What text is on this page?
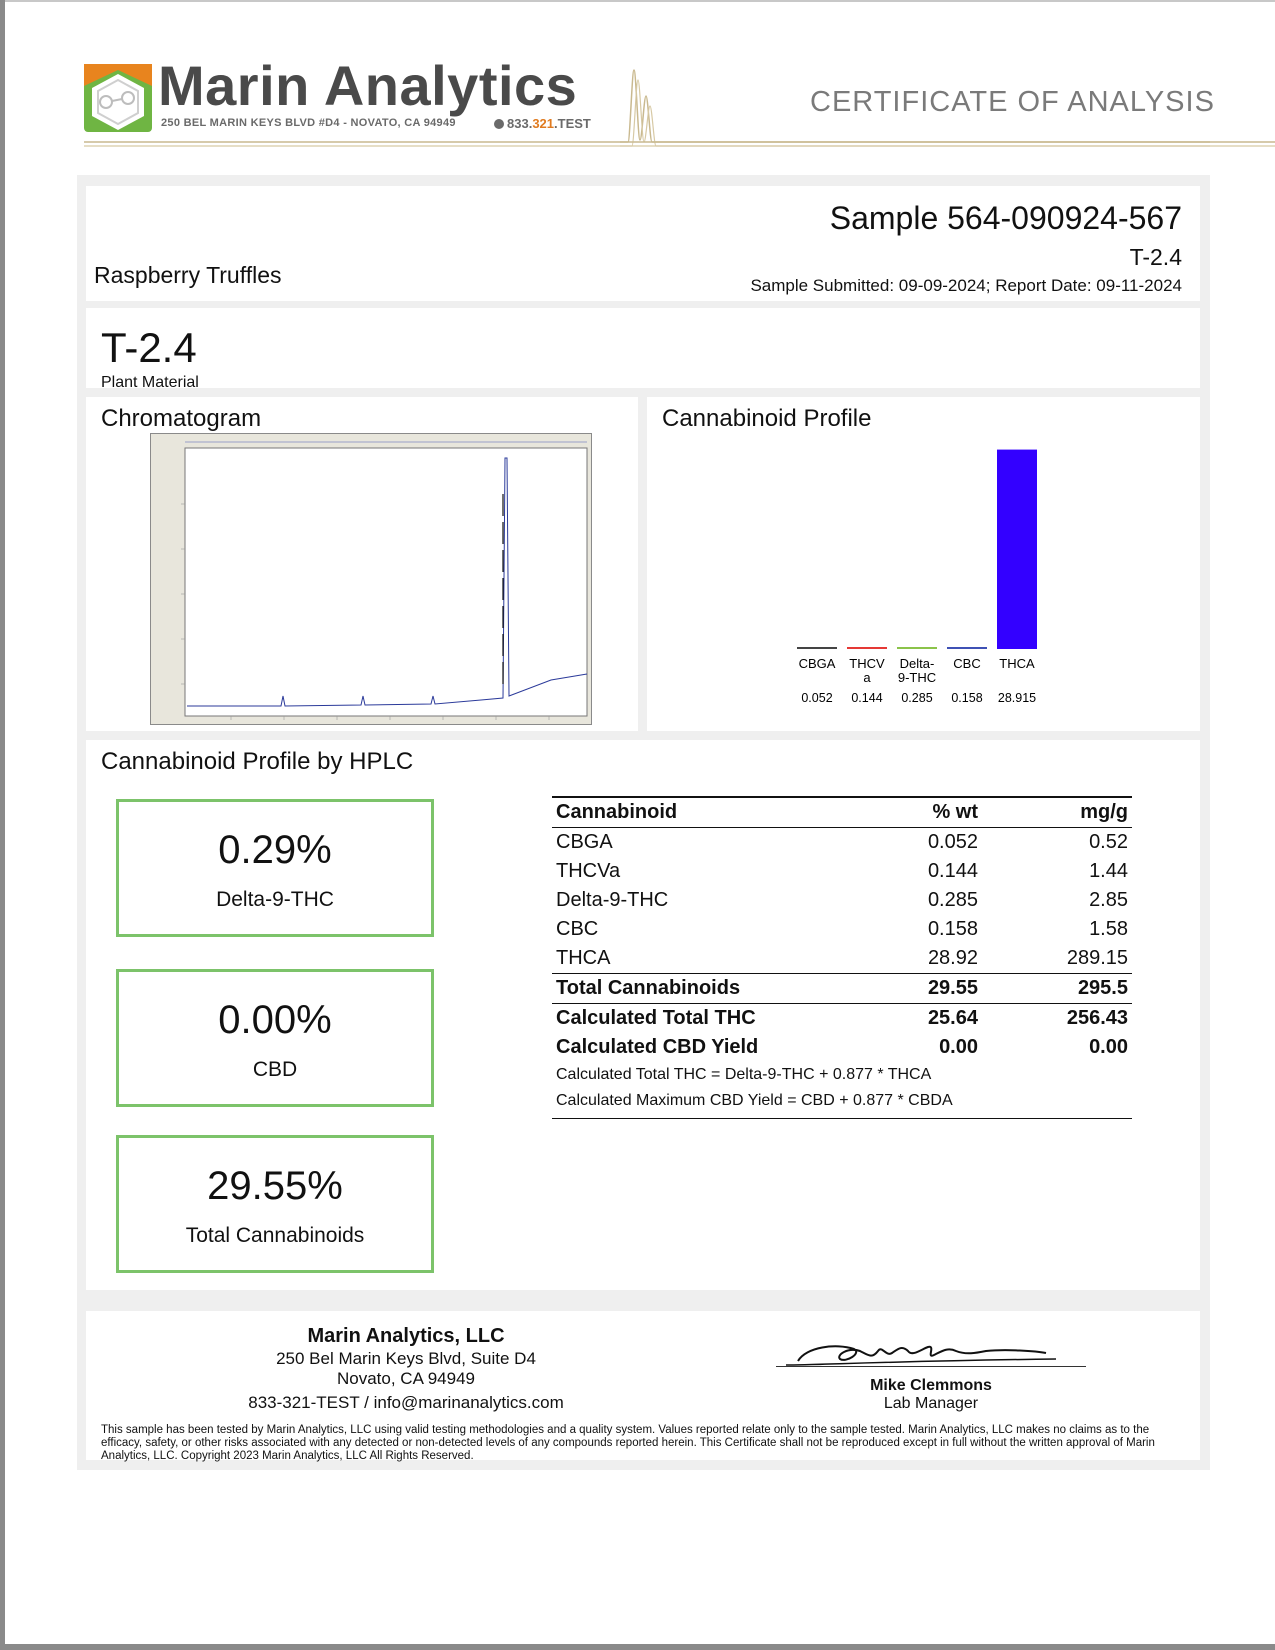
Marin Analytics
250 BEL MARIN KEYS BLVD #D4 - NOVATO, CA 94949	833.321.TEST
CERTIFICATE OF ANALYSIS
Sample 564-090924-567
T-2.4
Sample Submitted: 09-09-2024; Report Date: 09-11-2024
Raspberry Truffles
T-2.4
Plant Material
Chromatogram	Cannabinoid Profile
CBGA
0.052
THCV
a
0.144
Delta-
9-THC
0.285
CBC
0.158
THCA
28.915
Cannabinoid Profile by HPLC
0.29%
Delta-9-THC
0.00%
CBD
29.55%
Total Cannabinoids
Cannabinoid	% wt	mg/g
CBGA	0.052	0.52
THCVa	0.144	1.44
Delta-9-THC	0.285	2.85
CBC	0.158	1.58
THCA	28.92	289.15
Total Cannabinoids	29.55	295.5
Calculated Total THC	25.64	256.43
Calculated CBD Yield	0.00	0.00
Calculated Total THC = Delta-9-THC + 0.877 * THCA		
Calculated Maximum CBD Yield = CBD + 0.877 * CBDA		
Marin Analytics, LLC
250 Bel Marin Keys Blvd, Suite D4
Novato, CA 94949
833-321-TEST / info@marinanalytics.com
Mike Clemmons
Lab Manager
This sample has been tested by Marin Analytics, LLC using valid testing methodologies and a quality system. Values reported relate only to the sample tested. Marin Analytics, LLC makes no claims as to the efficacy, safety, or other risks associated with any detected or non-detected levels of any compounds reported herein. This Certificate shall not be reproduced except in full without the written approval of Marin Analytics, LLC. Copyright 2023 Marin Analytics, LLC All Rights Reserved.
